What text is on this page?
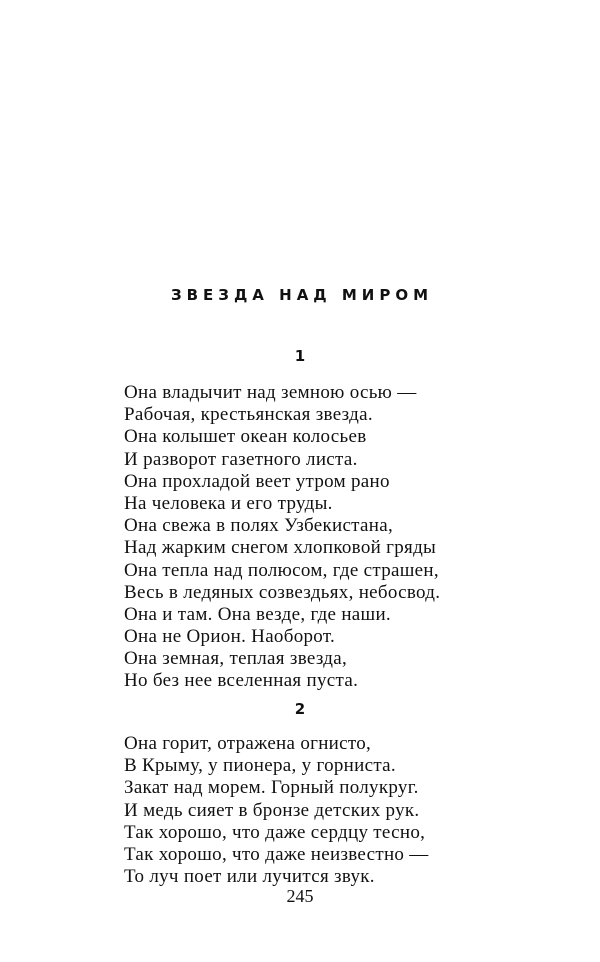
ЗВЕЗДА НАД МИРОМ
1
Она владычит над земною осью —
Рабочая, крестьянская звезда.
Она колышет океан колосьев
И разворот газетного листа.
Она прохладой веет утром рано
На человека и его труды.
Она свежа в полях Узбекистана,
Над жарким снегом хлопковой гряды
Она тепла над полюсом, где страшен,
Весь в ледяных созвездьях, небосвод.
Она и там. Она везде, где наши.
Она не Орион. Наоборот.
Она земная, теплая звезда,
Но без нее вселенная пуста.
2
Она горит, отражена огнисто,
В Крыму, у пионера, у горниста.
Закат над морем. Горный полукруг.
И медь сияет в бронзе детских рук.
Так хорошо, что даже сердцу тесно,
Так хорошо, что даже неизвестно —
То луч поет или лучится звук.
245
